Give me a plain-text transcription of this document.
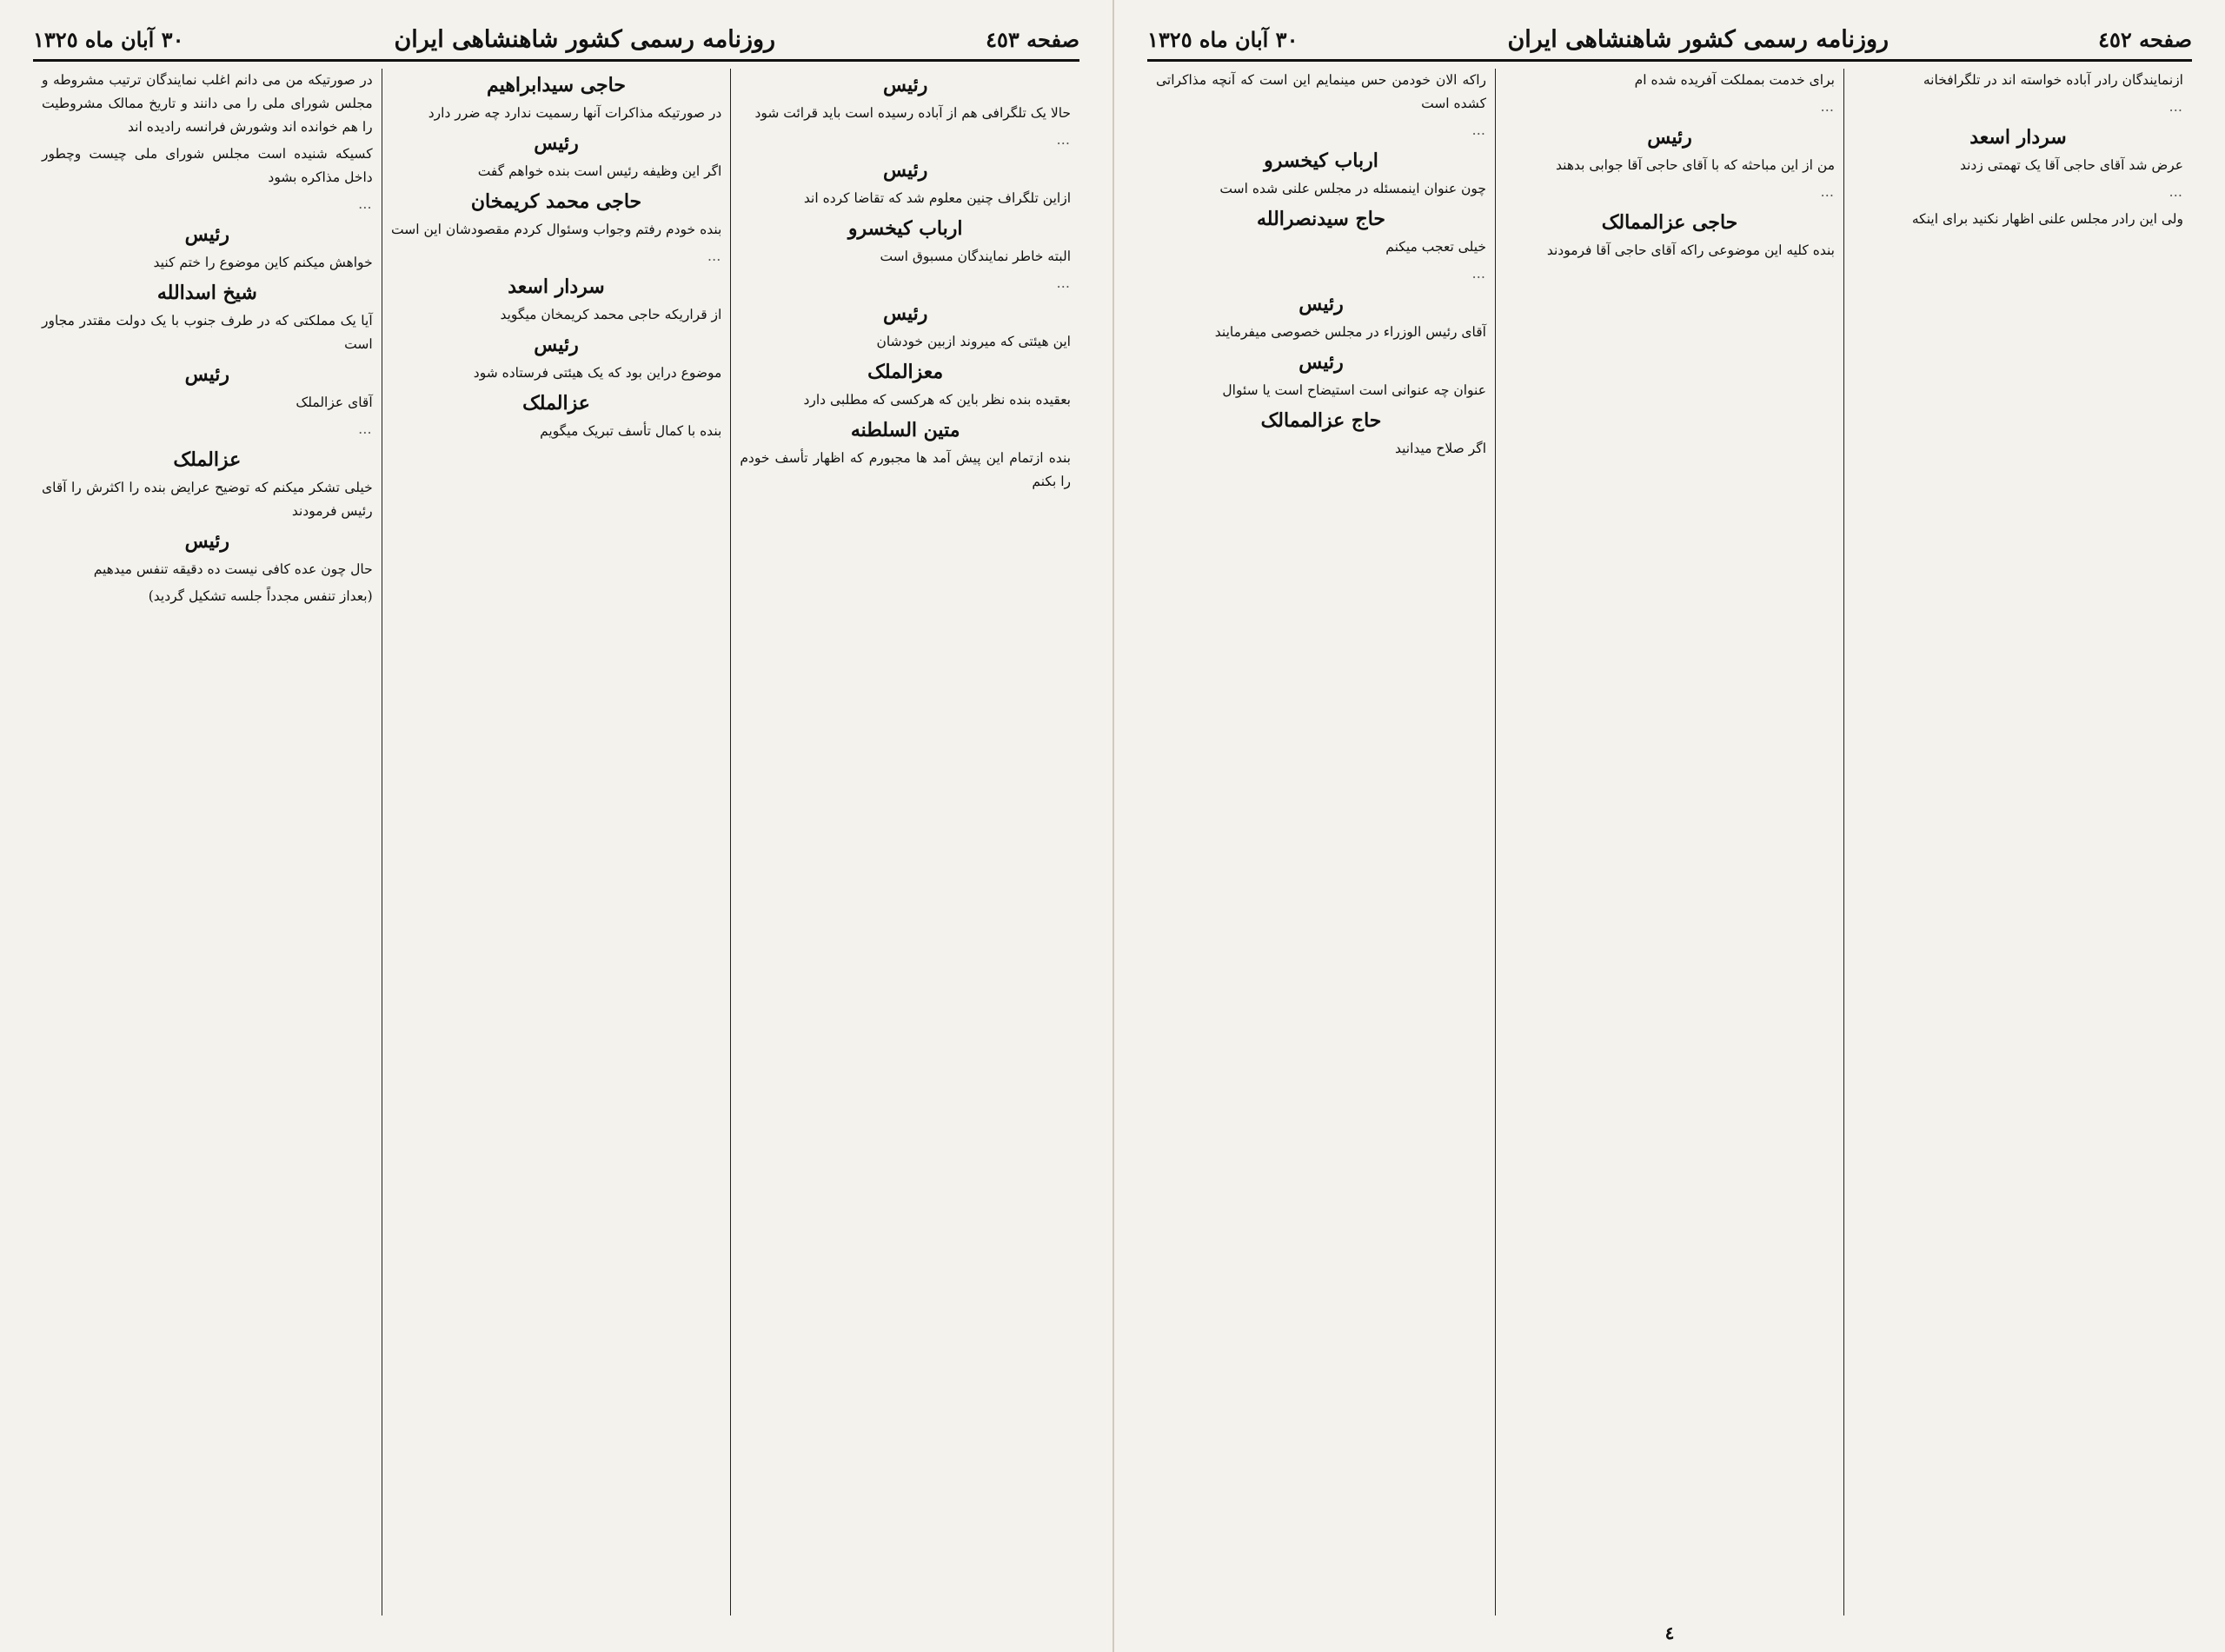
صفحه ٤٥٢
روزنامه رسمی کشور شاهنشاهی ایران
۳۰ آبان ماه ١٣٢٥

ازنمایندگان رادر آباده خواسته اند در تلگرافخانه

…

سردار اسعد

عرض شد آقای حاجی آقا یک تهمتی زدند

…

ولی این رادر مجلس علنی اظهار نکنید برای اینکه

برای خدمت بمملکت آفریده شده ام

…

رئیس

من از این مباحثه که با آقای حاجی آقا جوابی بدهند

…

حاجی عزالممالک

بنده کلیه این موضوعی راکه آقای حاجی آقا فرمودند

راکه الان خودمن حس مینمایم این است که آنچه مذاکراتی کشده است

…

ارباب کیخسرو

چون عنوان اینمسئله در مجلس علنی شده است

حاج سیدنصرالله

خیلی تعجب میکنم

…

رئیس

آقای رئیس الوزراء در مجلس خصوصی میفرمایند

رئیس

عنوان چه عنوانی است استیضاح است یا سئوال

حاج عزالممالک

اگر صلاح میدانید

٤
صفحه ٤٥٣
روزنامه رسمی کشور شاهنشاهی ایران
۳۰ آبان ماه ١٣٢٥
رئیس

حالا یک تلگرافی هم از آباده رسیده است باید قرائت شود

…

رئیس

ازاین تلگراف چنین معلوم شد که تقاضا کرده اند

ارباب کیخسرو

البته خاطر نمایندگان مسبوق است

…

رئیس

این هیئتی که میروند ازبین خودشان

معزالملک

بعقیده بنده نظر باین که هرکسی که مطلبی دارد

متین السلطنه

بنده ازتمام این پیش آمد ها مجبورم که اظهار تأسف خودم را بکنم

حاجی سیدابراهیم

در صورتیکه مذاکرات آنها رسمیت ندارد چه ضرر دارد

رئیس

اگر این وظیفه رئیس است بنده خواهم گفت

حاجی محمد کریمخان

بنده خودم رفتم وجواب وسئوال کردم مقصودشان این است

…

سردار اسعد

از قراریکه حاجی محمد کریمخان میگوید

رئیس

موضوع دراین بود که یک هیئتی فرستاده شود

عزالملک

بنده با کمال تأسف تبریک میگویم

در صورتیکه من می دانم اغلب نمایندگان ترتیب مشروطه و مجلس شورای ملی را می دانند و تاریخ ممالک مشروطیت را هم خوانده اند وشورش فرانسه رادیده اند

کسیکه شنیده است مجلس شورای ملی چیست وچطور داخل مذاکره بشود

…

رئیس

خواهش میکنم کاین موضوع را ختم کنید

شیخ اسدالله

آیا یک مملکتی که در طرف جنوب با یک دولت مقتدر مجاور است

رئیس

آقای عزالملک

…

عزالملک

خیلی تشکر میکنم که توضیح عرایض بنده را اکثرش را آقای رئیس فرمودند

رئیس

حال چون عده کافی نیست ده دقیقه تنفس میدهیم

(بعداز تنفس مجدداً جلسه تشکیل گردید)
